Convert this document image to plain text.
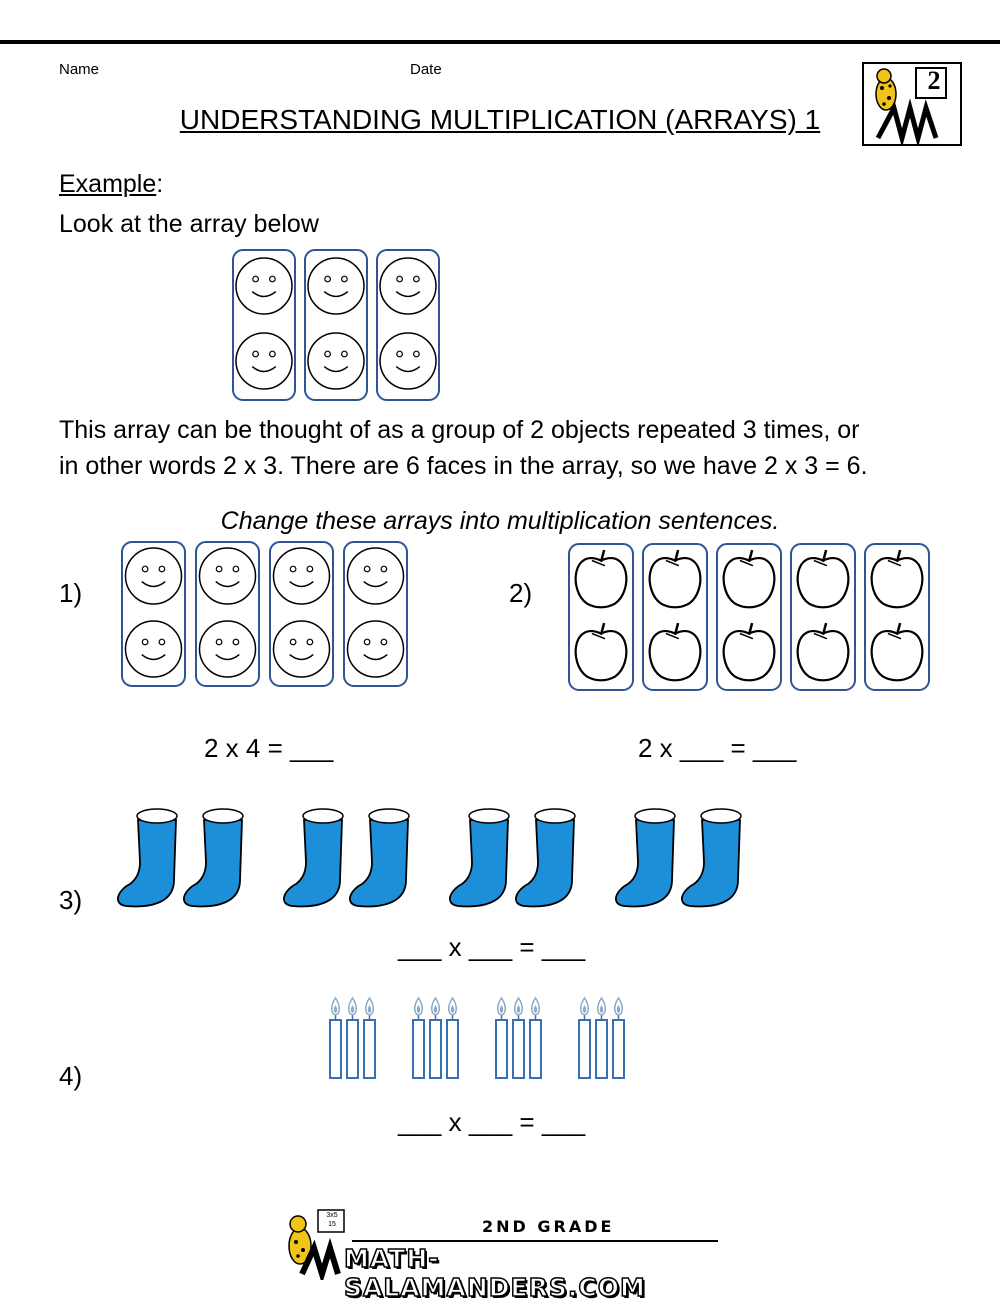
Name	Date	2
UNDERSTANDING MULTIPLICATION (ARRAYS) 1
Example:
Look at the array below
This array can be thought of as a group of 2 objects repeated 3 times, or
in other words 2 x 3. There are 6 faces in the array, so we have 2 x 3 = 6.
Change these arrays into multiplication sentences.
1)
2 x 4 = ___
2)
2 x ___ = ___
3)
___ x ___ = ___
4)
___ x ___ = ___
3x5
15	2ND GRADE
MATH-SALAMANDERS.COM
